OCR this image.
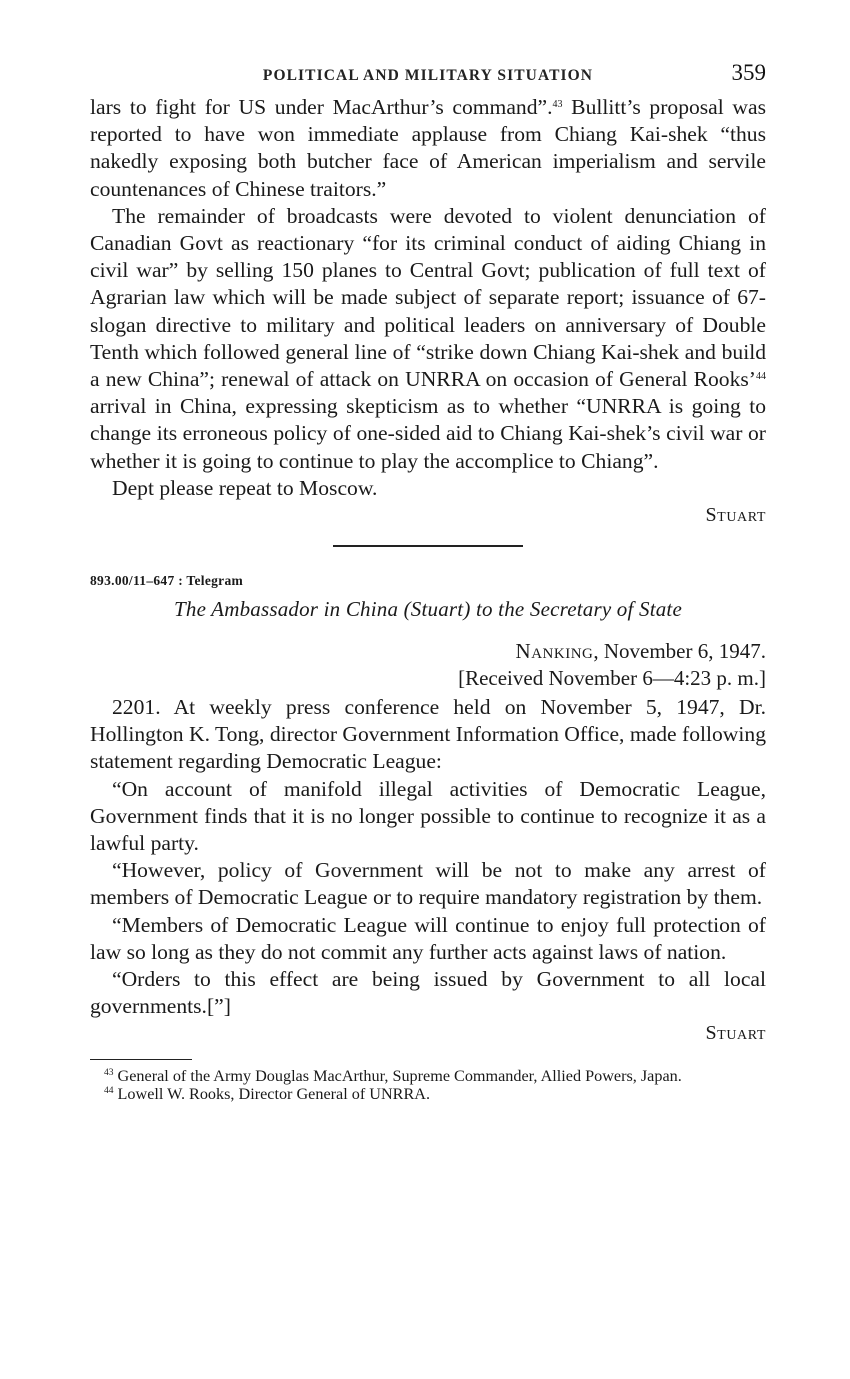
POLITICAL AND MILITARY SITUATION	359

lars to fight for US under MacArthur’s command”.$^{43}$ Bullitt’s proposal was reported to have won immediate applause from Chiang Kai-shek “thus nakedly exposing both butcher face of American imperialism and servile countenances of Chinese traitors.”

The remainder of broadcasts were devoted to violent denunciation of Canadian Govt as reactionary “for its criminal conduct of aiding Chiang in civil war” by selling 150 planes to Central Govt; publication of full text of Agrarian law which will be made subject of separate report; issuance of 67-slogan directive to military and political leaders on anniversary of Double Tenth which followed general line of “strike down Chiang Kai-shek and build a new China”; renewal of attack on UNRRA on occasion of General Rooks’$^{44}$ arrival in China, expressing skepticism as to whether “UNRRA is going to change its erroneous policy of one-sided aid to Chiang Kai-shek’s civil war or whether it is going to continue to play the accomplice to Chiang”.

Dept please repeat to Moscow.

Stuart
893.00/11–647 : Telegram
The Ambassador in China (Stuart) to the Secretary of State
Nanking, November 6, 1947.
[Received November 6—4:23 p. m.]

2201. At weekly press conference held on November 5, 1947, Dr. Hollington K. Tong, director Government Information Office, made following statement regarding Democratic League:

“On account of manifold illegal activities of Democratic League, Government finds that it is no longer possible to continue to recognize it as a lawful party.

“However, policy of Government will be not to make any arrest of members of Democratic League or to require mandatory registration by them.

“Members of Democratic League will continue to enjoy full protection of law so long as they do not commit any further acts against laws of nation.

“Orders to this effect are being issued by Government to all local governments.[”]

Stuart

$^{43}$ General of the Army Douglas MacArthur, Supreme Commander, Allied Powers, Japan.

$^{44}$ Lowell W. Rooks, Director General of UNRRA.
